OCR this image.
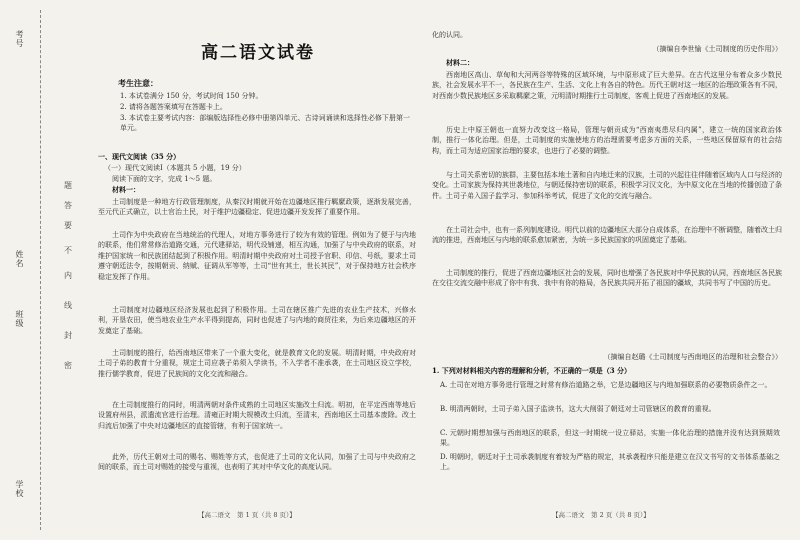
考号
姓名
班级
学校
密
封
线
内
不
要
答
题
高二语文试卷
考生注意：
1. 本试卷满分 150 分，考试时间 150 分钟。
2. 请将各题答案填写在答题卡上。
3. 本试卷主要考试内容：部编版选择性必修中册第四单元、古诗词诵读和选择性必修下册第一单元。
一、现代文阅读（35 分）
（一）现代文阅读Ⅰ（本题共 5 小题，19 分）
阅读下面的文字，完成 1～5 题。
材料一：
土司制度是一种地方行政管理制度，从秦汉时期就开始在边疆地区推行羁縻政策，逐渐发展完善，至元代正式确立，以土官治土民，对于维护边疆稳定、促进边疆开发发挥了重要作用。
土司作为中央政府在当地统治的代理人，对地方事务进行了较为有效的管理。例如为了便于与内地的联系，他们常常修治道路交通，元代建驿站，明代设铺递，相互沟通，加强了与中央政府的联系，对维护国家统一和民族团结起到了积极作用。明清时期中央政府对土司授予官职、印信、号纸，要求土司遵守朝廷法令，按期朝贡、纳赋、征调从军等等，土司“世有其土，世长其民”，对于保持地方社会秩序稳定发挥了作用。
土司制度对边疆地区经济发展也起到了积极作用。土司在辖区推广先进的农业生产技术，兴修水利，开垦农田，使当地农业生产水平得到提高，同时也促进了与内地的商贸往来，为后来边疆地区的开发奠定了基础。
土司制度的推行，给西南地区带来了一个重大变化，就是教育文化的发展。明清时期，中央政府对土司子弟的教育十分重视，规定土司应袭子弟须入学读书，不入学者不准承袭，在土司地区设立学校，推行儒学教育，促进了民族间的文化交流和融合。
在土司制度推行的同时，明清两朝对条件成熟的土司地区实施改土归流。明初，在平定西南等地后设置府州县，派遣流官进行治理。清雍正时期大规模改土归流，至清末，西南地区土司基本废除。改土归流后加强了中央对边疆地区的直接管辖，有利于国家统一。
此外，历代王朝对土司的赐名、赐姓等方式，也促进了土司的文化认同，加强了土司与中央政府之间的联系，而土司对赐姓的接受与重视，也表明了其对中华文化的高度认同。
【高二语文　第 1 页（共 8 页）】
化的认同。
（摘编自李世愉《土司制度的历史作用》）
材料二：
西南地区高山、草甸和大河两谷等特殊的区域环境，与中原形成了巨大差异。在古代这里分布着众多少数民族，社会发展水平不一，各民族在生产、生活、文化上有各自的特色。历代王朝对这一地区的治理政策各有不同，对西南少数民族地区多采取羁縻之策，元明清时期推行土司制度，客观上促进了西南地区的发展。
历史上中原王朝也一直努力改变这一格局，管理与朝贡成为“西南夷患尽归内属”，建立一统的国家政治体制，推行一体化治理。但是，土司制度的实施使地方的治理需要考虑多方面的关系，一些地区保留原有的社会结构，而土司为适应国家治理的要求，也进行了必要的调整。
与土司关系密切的族群，主要包括本地土著和自内地迁来的汉族，土司的兴起往往伴随着区域内人口与经济的变化。土司家族为保持其世袭地位，与朝廷保持密切的联系，积极学习汉文化，为中原文化在当地的传播创造了条件。土司子弟入国子监学习、参加科举考试，促进了文化的交流与融合。
在土司社会中，也有一系列制度建设。明代以前的边疆地区大部分自成体系，在治理中不断调整，随着改土归流的推进，西南地区与内地的联系愈加紧密，为统一多民族国家的巩固奠定了基础。
土司制度的推行，促进了西南边疆地区社会的发展，同时也增强了各民族对中华民族的认同，西南地区各民族在交往交流交融中形成了你中有我、我中有你的格局，各民族共同开拓了祖国的疆域，共同书写了中国的历史。
（摘编自赵璐《土司制度与西南地区的治理和社会整合》）
1. 下列对材料相关内容的理解和分析，不正确的一项是（3 分）
A. 土司在对地方事务进行管理之时常有修治道路之举，它是边疆地区与内地加强联系的必要物质条件之一。
B. 明清两朝时，土司子弟入国子监读书，这大大削弱了朝廷对土司管辖区的教育的重视。
C. 元朝时期想加强与西南地区的联系，但这一时期统一设立驿站，实施一体化治理的措施并没有达到预期效果。
D. 明朝时，朝廷对于土司承袭制度有着较为严格的规定，其承袭程序只能是建立在汉文书写的文书体系基础之上。
【高二语文　第 2 页（共 8 页）】
